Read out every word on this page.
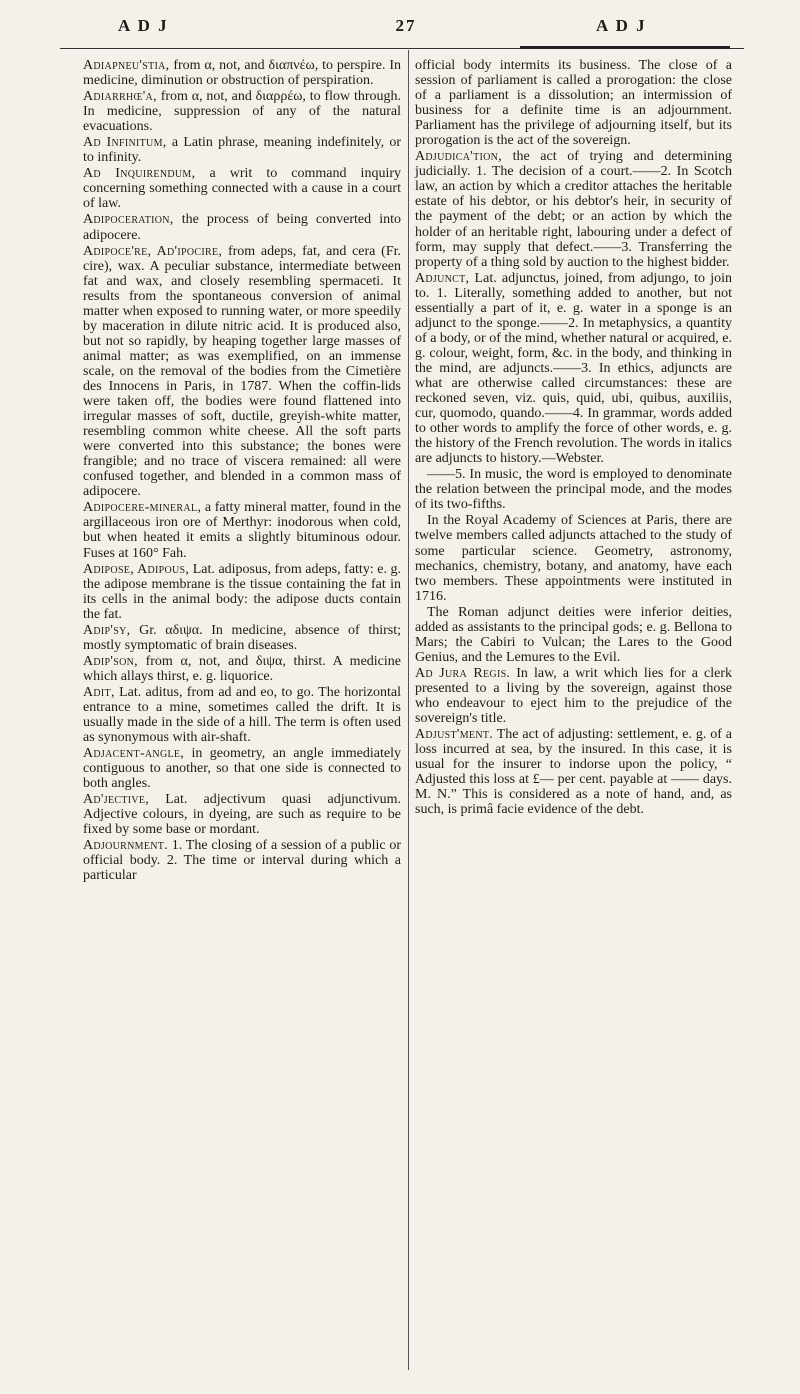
A D J	27	A D J

Adiapneu'stia, from α, not, and διαπνέω, to perspire. In medicine, diminution or obstruction of perspiration.

Adiarrhœ'a, from α, not, and διαρρέω, to flow through. In medicine, suppression of any of the natural evacuations.

Ad Infinitum, a Latin phrase, meaning indefinitely, or to infinity.

Ad Inquirendum, a writ to command inquiry concerning something connected with a cause in a court of law.

Adipoceration, the process of being converted into adipocere.

Adipoce're, Ad'ipocire, from adeps, fat, and cera (Fr. cire), wax. A peculiar substance, intermediate between fat and wax, and closely resembling spermaceti. It results from the spontaneous conversion of animal matter when exposed to running water, or more speedily by maceration in dilute nitric acid. It is produced also, but not so rapidly, by heaping together large masses of animal matter; as was exemplified, on an immense scale, on the removal of the bodies from the Cimetière des Innocens in Paris, in 1787. When the coffin-lids were taken off, the bodies were found flattened into irregular masses of soft, ductile, greyish-white matter, resembling common white cheese. All the soft parts were converted into this substance; the bones were frangible; and no trace of viscera remained: all were confused together, and blended in a common mass of adipocere.

Adipocere-mineral, a fatty mineral matter, found in the argillaceous iron ore of Merthyr: inodorous when cold, but when heated it emits a slightly bituminous odour. Fuses at 160° Fah.

Adipose, Adipous, Lat. adiposus, from adeps, fatty: e. g. the adipose membrane is the tissue containing the fat in its cells in the animal body: the adipose ducts contain the fat.

Adip'sy, Gr. αδιψα. In medicine, absence of thirst; mostly symptomatic of brain diseases.

Adip'son, from α, not, and διψα, thirst. A medicine which allays thirst, e. g. liquorice.

Adit, Lat. aditus, from ad and eo, to go. The horizontal entrance to a mine, sometimes called the drift. It is usually made in the side of a hill. The term is often used as synonymous with air-shaft.

Adjacent-angle, in geometry, an angle immediately contiguous to another, so that one side is connected to both angles.

Ad'jective, Lat. adjectivum quasi adjunctivum. Adjective colours, in dyeing, are such as require to be fixed by some base or mordant.

Adjournment. 1. The closing of a session of a public or official body. 2. The time or interval during which a particular

official body intermits its business. The close of a session of parliament is called a prorogation: the close of a parliament is a dissolution; an intermission of business for a definite time is an adjournment. Parliament has the privilege of adjourning itself, but its prorogation is the act of the sovereign.

Adjudica'tion, the act of trying and determining judicially. 1. The decision of a court.——2. In Scotch law, an action by which a creditor attaches the heritable estate of his debtor, or his debtor's heir, in security of the payment of the debt; or an action by which the holder of an heritable right, labouring under a defect of form, may supply that defect.——3. Transferring the property of a thing sold by auction to the highest bidder.

Adjunct, Lat. adjunctus, joined, from adjungo, to join to. 1. Literally, something added to another, but not essentially a part of it, e. g. water in a sponge is an adjunct to the sponge.——2. In metaphysics, a quantity of a body, or of the mind, whether natural or acquired, e. g. colour, weight, form, &c. in the body, and thinking in the mind, are adjuncts.——3. In ethics, adjuncts are what are otherwise called circumstances: these are reckoned seven, viz. quis, quid, ubi, quibus, auxiliis, cur, quomodo, quando.——4. In grammar, words added to other words to amplify the force of other words, e. g. the history of the French revolution. The words in italics are adjuncts to history.—Webster.

——5. In music, the word is employed to denominate the relation between the principal mode, and the modes of its two-fifths.

In the Royal Academy of Sciences at Paris, there are twelve members called adjuncts attached to the study of some particular science. Geometry, astronomy, mechanics, chemistry, botany, and anatomy, have each two members. These appointments were instituted in 1716.

The Roman adjunct deities were inferior deities, added as assistants to the principal gods; e. g. Bellona to Mars; the Cabiri to Vulcan; the Lares to the Good Genius, and the Lemures to the Evil.

Ad Jura Regis. In law, a writ which lies for a clerk presented to a living by the sovereign, against those who endeavour to eject him to the prejudice of the sovereign's title.

Adjust'ment. The act of adjusting: settlement, e. g. of a loss incurred at sea, by the insured. In this case, it is usual for the insurer to indorse upon the policy, “ Adjusted this loss at £— per cent. payable at —— days. M. N.” This is considered as a note of hand, and, as such, is primâ facie evidence of the debt.
